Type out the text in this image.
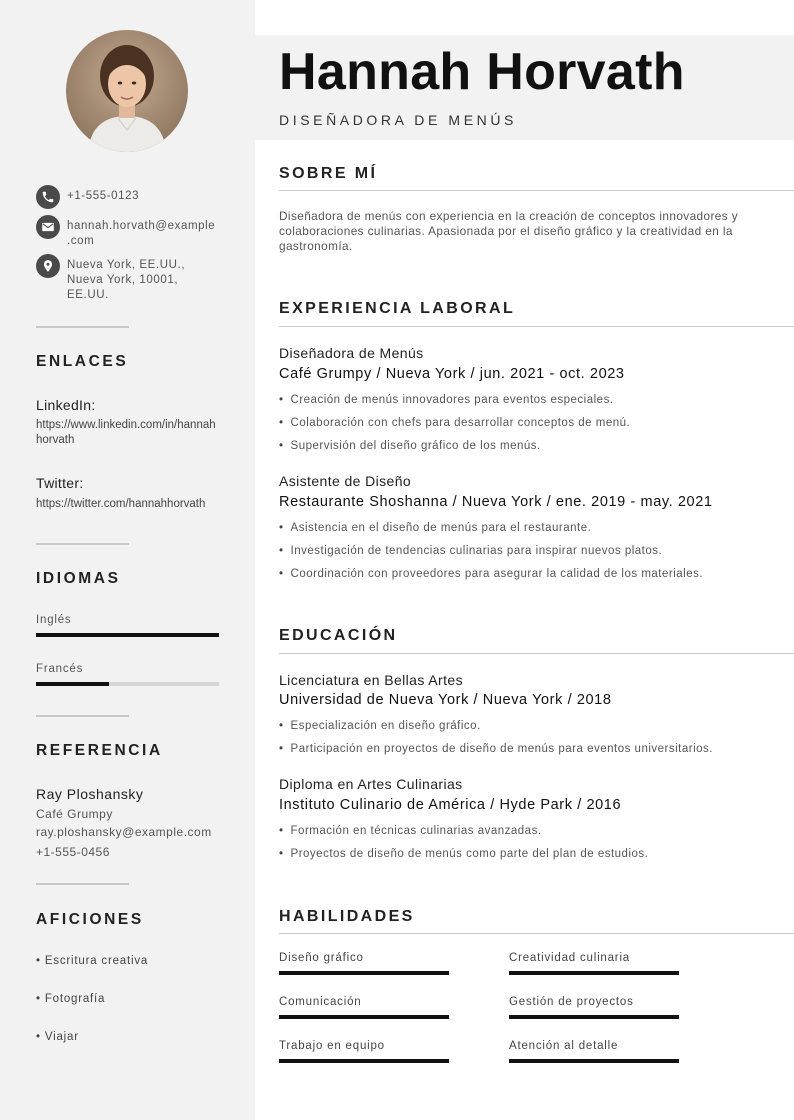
+1-555-0123
hannah.horvath@example.com
Nueva York, EE.UU., Nueva York, 10001, EE.UU.
ENLACES
LinkedIn:
https://www.linkedin.com/in/hannahhorvath
Twitter:
https://twitter.com/hannahhorvath
IDIOMAS
Inglés
Francés
REFERENCIA
Ray Ploshansky
Café Grumpy
ray.ploshansky@example.com
+1-555-0456
AFICIONES
• Escritura creativa
• Fotografía
• Viajar
Hannah Horvath
DISEÑADORA DE MENÚS
SOBRE MÍ
Diseñadora de menús con experiencia en la creación de conceptos innovadores y colaboraciones culinarias. Apasionada por el diseño gráfico y la creatividad en la gastronomía.
EXPERIENCIA LABORAL
Diseñadora de Menús
Café Grumpy / Nueva York / jun. 2021 - oct. 2023
• Creación de menús innovadores para eventos especiales.
• Colaboración con chefs para desarrollar conceptos de menú.
• Supervisión del diseño gráfico de los menús.
Asistente de Diseño
Restaurante Shoshanna / Nueva York / ene. 2019 - may. 2021
• Asistencia en el diseño de menús para el restaurante.
• Investigación de tendencias culinarias para inspirar nuevos platos.
• Coordinación con proveedores para asegurar la calidad de los materiales.
EDUCACIÓN
Licenciatura en Bellas Artes
Universidad de Nueva York / Nueva York / 2018
• Especialización en diseño gráfico.
• Participación en proyectos de diseño de menús para eventos universitarios.
Diploma en Artes Culinarias
Instituto Culinario de América / Hyde Park / 2016
• Formación en técnicas culinarias avanzadas.
• Proyectos de diseño de menús como parte del plan de estudios.
HABILIDADES
Diseño gráfico	Creatividad culinaria
Comunicación	Gestión de proyectos
Trabajo en equipo	Atención al detalle
